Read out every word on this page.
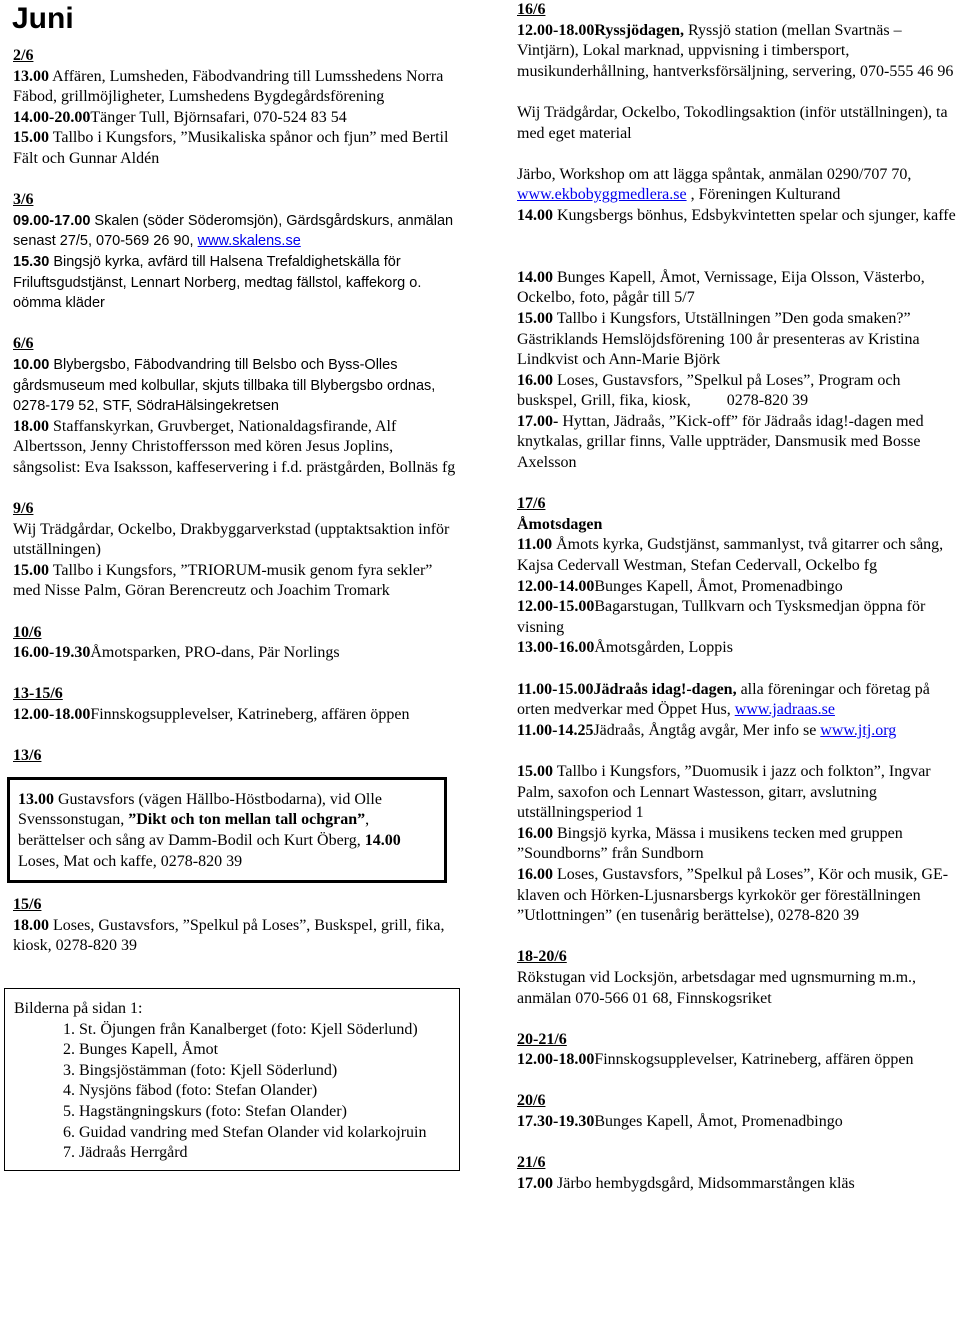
Juni
2/6

13.00 Affären, Lumsheden, Fäbodvandring till Lumsshedens Norra Fäbod, grillmöjligheter, Lumshedens Bygdegårdsförening

14.00-20.00Tänger Tull, Björnsafari, 070-524 83 54

15.00 Tallbo i Kungsfors, ”Musikaliska spånor och fjun” med Bertil Fält och Gunnar Aldén

3/6

09.00-17.00 Skalen (söder Söderomsjön), Gärdsgårdskurs, anmälan senast 27/5, 070-569 26 90, www.skalens.se

15.30 Bingsjö kyrka, avfärd till Halsena Trefaldighetskälla för Friluftsgudstjänst, Lennart Norberg, medtag fällstol, kaffekorg o. oömma kläder

6/6

10.00 Blybergsbo, Fäbodvandring till Belsbo och Byss-Olles gårdsmuseum med kolbullar, skjuts tillbaka till Blybergsbo ordnas, 0278-179 52, STF, SödraHälsingekretsen

18.00 Staffanskyrkan, Gruvberget, Nationaldagsfirande, Alf Albertsson, Jenny Christoffersson med kören Jesus Joplins, sångsolist: Eva Isaksson, kaffeservering i f.d. prästgården, Bollnäs fg

9/6

Wij Trädgårdar, Ockelbo, Drakbyggarverkstad (upptaktsaktion inför utställningen)

15.00 Tallbo i Kungsfors, ”TRIORUM-musik genom fyra sekler” med Nisse Palm, Göran Berencreutz och Joachim Tromark

10/6

16.00-19.30Åmotsparken, PRO-dans, Pär Norlings

13-15/6

12.00-18.00Finnskogsupplevelser, Katrineberg, affären öppen

13/6

13.00 Gustavsfors (vägen Hällbo-Höstbodarna), vid Olle Svenssonstugan, ”Dikt och ton mellan tall ochgran”, berättelser och sång av Damm-Bodil och Kurt Öberg, 14.00 Loses, Mat och kaffe, 0278-820 39

15/6

18.00 Loses, Gustavsfors, ”Spelkul på Loses”, Buskspel, grill, fika, kiosk, 0278-820 39

Bilderna på sidan 1:

1. St. Öjungen från Kanalberget (foto: Kjell Söderlund)
2. Bunges Kapell, Åmot
3. Bingsjöstämman (foto: Kjell Söderlund)
4. Nysjöns fäbod (foto: Stefan Olander)
5. Hagstängningskurs (foto: Stefan Olander)
6. Guidad vandring med Stefan Olander vid kolarkojruin
7. Jädraås Herrgård
16/6

12.00-18.00Ryssjödagen, Ryssjö station (mellan Svartnäs – Vintjärn), Lokal marknad, uppvisning i timbersport, musikunderhållning, hantverksförsäljning, servering, 070-555 46 96

Wij Trädgårdar, Ockelbo, Tokodlingsaktion (inför utställningen), ta med eget material

Järbo, Workshop om att lägga spåntak, anmälan 0290/707 70, www.ekbobyggmedlera.se , Föreningen Kulturand

14.00 Kungsbergs bönhus, Edsbykvintetten spelar och sjunger, kaffe

14.00 Bunges Kapell, Åmot, Vernissage, Eija Olsson, Västerbo, Ockelbo, foto, pågår till 5/7

15.00 Tallbo i Kungsfors, Utställningen ”Den goda smaken?” Gästriklands Hemslöjdsförening 100 år presenteras av Kristina Lindkvist och Ann-Marie Björk

16.00 Loses, Gustavsfors, ”Spelkul på Loses”, Program och buskspel, Grill, fika, kiosk, 0278-820 39

17.00- Hyttan, Jädraås, ”Kick-off” för Jädraås idag!-dagen med knytkalas, grillar finns, Valle uppträder, Dansmusik med Bosse Axelsson

17/6

Åmotsdagen

11.00 Åmots kyrka, Gudstjänst, sammanlyst, två gitarrer och sång, Kajsa Cedervall Westman, Stefan Cedervall, Ockelbo fg

12.00-14.00Bunges Kapell, Åmot, Promenadbingo

12.00-15.00Bagarstugan, Tullkvarn och Tysksmedjan öppna för visning

13.00-16.00Åmotsgården, Loppis

11.00-15.00Jädraås idag!-dagen, alla föreningar och företag på orten medverkar med Öppet Hus, www.jadraas.se

11.00-14.25Jädraås, Ångtåg avgår, Mer info se www.jtj.org

15.00 Tallbo i Kungsfors, ”Duomusik i jazz och folkton”, Ingvar Palm, saxofon och Lennart Wastesson, gitarr, avslutning utställningsperiod 1

16.00 Bingsjö kyrka, Mässa i musikens tecken med gruppen ”Soundborns” från Sundborn

16.00 Loses, Gustavsfors, ”Spelkul på Loses”, Kör och musik, GE-klaven och Hörken-Ljusnarsbergs kyrkokör ger föreställningen ”Utlottningen” (en tusenårig berättelse), 0278-820 39

18-20/6

Rökstugan vid Locksjön, arbetsdagar med ugnsmurning m.m., anmälan 070-566 01 68, Finnskogsriket

20-21/6

12.00-18.00Finnskogsupplevelser, Katrineberg, affären öppen

20/6

17.30-19.30Bunges Kapell, Åmot, Promenadbingo

21/6

17.00 Järbo hembygdsgård, Midsommarstången kläs
